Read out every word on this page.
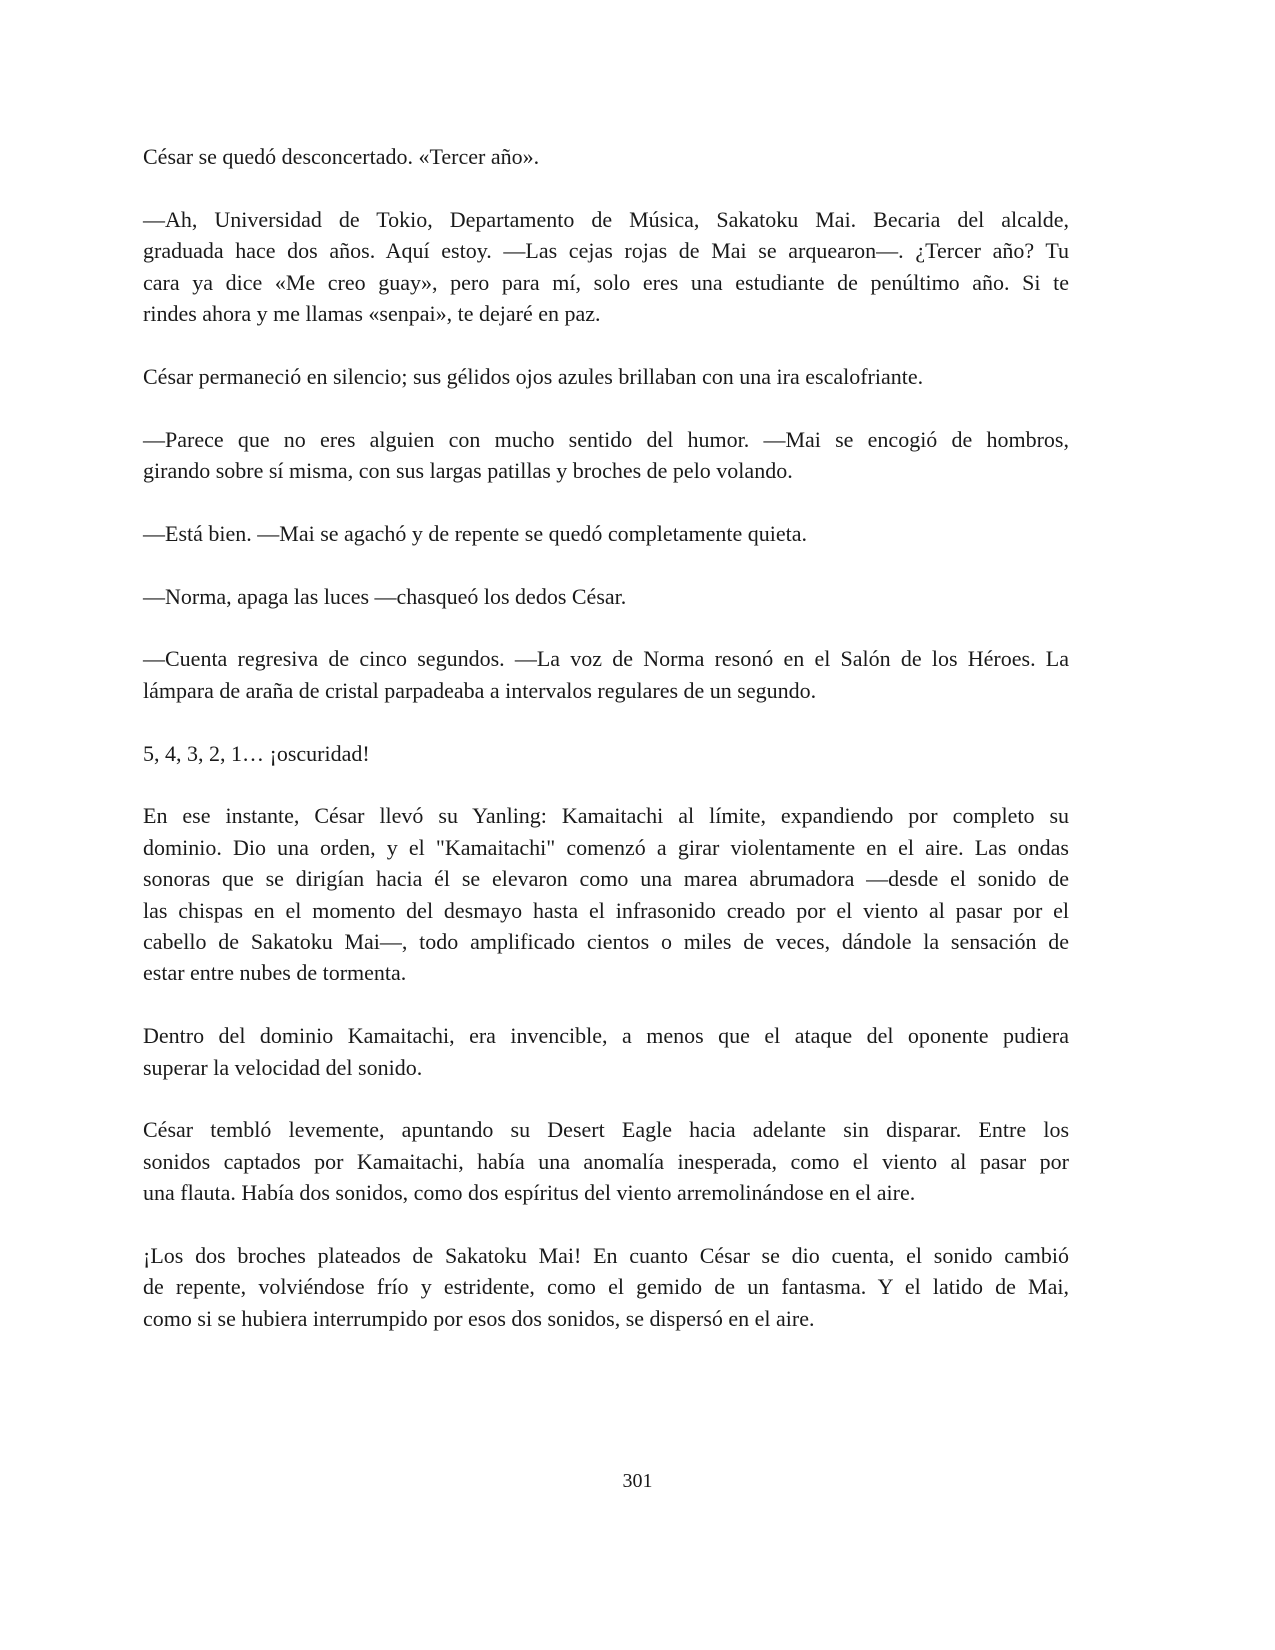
César se quedó desconcertado. «Tercer año».

—Ah, Universidad de Tokio, Departamento de Música, Sakatoku Mai. Becaria del alcalde,
graduada hace dos años. Aquí estoy. —Las cejas rojas de Mai se arquearon—. ¿Tercer año? Tu
cara ya dice «Me creo guay», pero para mí, solo eres una estudiante de penúltimo año. Si te
rindes ahora y me llamas «senpai», te dejaré en paz.

César permaneció en silencio; sus gélidos ojos azules brillaban con una ira escalofriante.

—Parece que no eres alguien con mucho sentido del humor. —Mai se encogió de hombros,
girando sobre sí misma, con sus largas patillas y broches de pelo volando.

—Está bien. —Mai se agachó y de repente se quedó completamente quieta.

—Norma, apaga las luces —chasqueó los dedos César.

—Cuenta regresiva de cinco segundos. —La voz de Norma resonó en el Salón de los Héroes. La
lámpara de araña de cristal parpadeaba a intervalos regulares de un segundo.

5, 4, 3, 2, 1… ¡oscuridad!

En ese instante, César llevó su Yanling: Kamaitachi al límite, expandiendo por completo su
dominio. Dio una orden, y el "Kamaitachi" comenzó a girar violentamente en el aire. Las ondas
sonoras que se dirigían hacia él se elevaron como una marea abrumadora —desde el sonido de
las chispas en el momento del desmayo hasta el infrasonido creado por el viento al pasar por el
cabello de Sakatoku Mai—, todo amplificado cientos o miles de veces, dándole la sensación de
estar entre nubes de tormenta.

Dentro del dominio Kamaitachi, era invencible, a menos que el ataque del oponente pudiera
superar la velocidad del sonido.

César tembló levemente, apuntando su Desert Eagle hacia adelante sin disparar. Entre los
sonidos captados por Kamaitachi, había una anomalía inesperada, como el viento al pasar por
una flauta. Había dos sonidos, como dos espíritus del viento arremolinándose en el aire.

¡Los dos broches plateados de Sakatoku Mai! En cuanto César se dio cuenta, el sonido cambió
de repente, volviéndose frío y estridente, como el gemido de un fantasma. Y el latido de Mai,
como si se hubiera interrumpido por esos dos sonidos, se dispersó en el aire.

301
